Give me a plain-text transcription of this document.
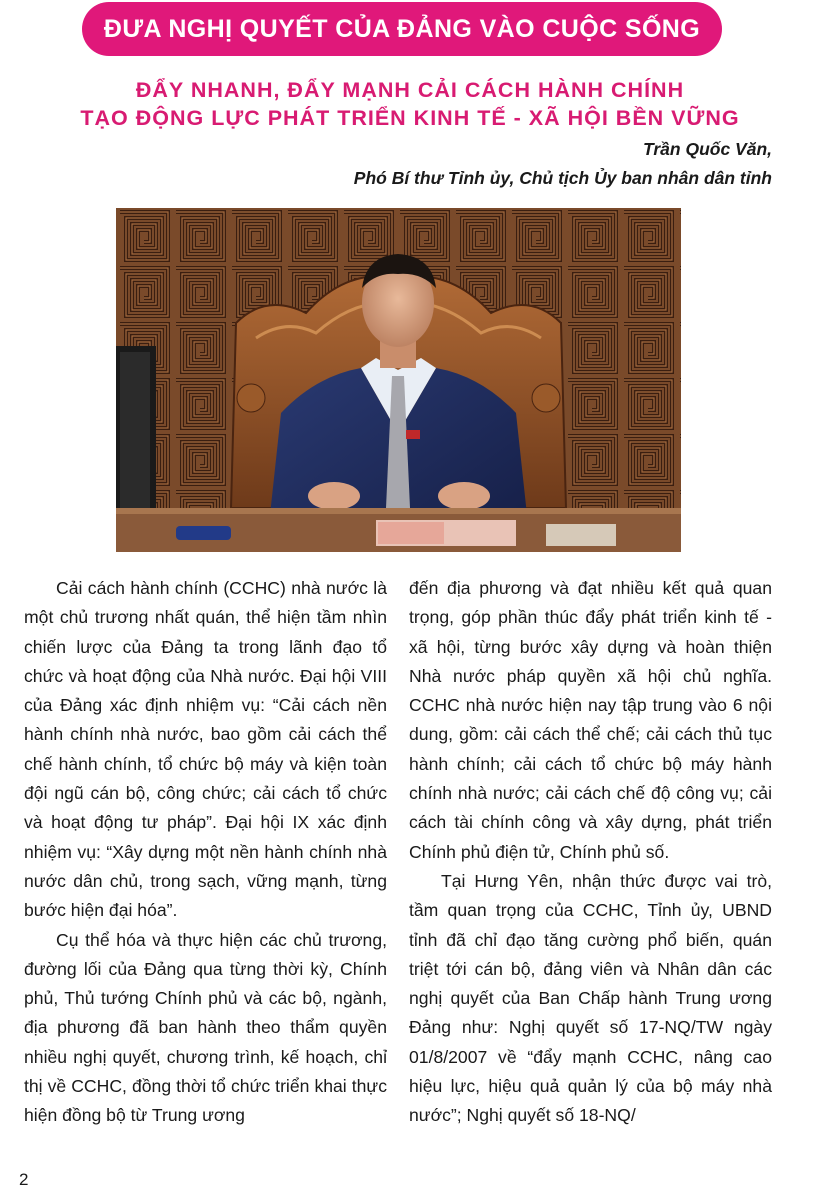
ĐƯA NGHỊ QUYẾT CỦA ĐẢNG VÀO CUỘC SỐNG
ĐẨY NHANH, ĐẨY MẠNH CẢI CÁCH HÀNH CHÍNH
TẠO ĐỘNG LỰC PHÁT TRIỂN KINH TẾ - XÃ HỘI BỀN VỮNG
Trần Quốc Văn,
Phó Bí thư Tỉnh ủy, Chủ tịch Ủy ban nhân dân tỉnh

Cải cách hành chính (CCHC) nhà nước là một chủ trương nhất quán, thể hiện tầm nhìn chiến lược của Đảng ta trong lãnh đạo tổ chức và hoạt động của Nhà nước. Đại hội VIII của Đảng xác định nhiệm vụ: “Cải cách nền hành chính nhà nước, bao gồm cải cách thể chế hành chính, tổ chức bộ máy và kiện toàn đội ngũ cán bộ, công chức; cải cách tổ chức và hoạt động tư pháp”. Đại hội IX xác định nhiệm vụ: “Xây dựng một nền hành chính nhà nước dân chủ, trong sạch, vững mạnh, từng bước hiện đại hóa”.

Cụ thể hóa và thực hiện các chủ trương, đường lối của Đảng qua từng thời kỳ, Chính phủ, Thủ tướng Chính phủ và các bộ, ngành, địa phương đã ban hành theo thẩm quyền nhiều nghị quyết, chương trình, kế hoạch, chỉ thị về CCHC, đồng thời tổ chức triển khai thực hiện đồng bộ từ Trung ương

đến địa phương và đạt nhiều kết quả quan trọng, góp phần thúc đẩy phát triển kinh tế - xã hội, từng bước xây dựng và hoàn thiện Nhà nước pháp quyền xã hội chủ nghĩa. CCHC nhà nước hiện nay tập trung vào 6 nội dung, gồm: cải cách thể chế; cải cách thủ tục hành chính; cải cách tổ chức bộ máy hành chính nhà nước; cải cách chế độ công vụ; cải cách tài chính công và xây dựng, phát triển Chính phủ điện tử, Chính phủ số.

Tại Hưng Yên, nhận thức được vai trò, tầm quan trọng của CCHC, Tỉnh ủy, UBND tỉnh đã chỉ đạo tăng cường phổ biến, quán triệt tới cán bộ, đảng viên và Nhân dân các nghị quyết của Ban Chấp hành Trung ương Đảng như: Nghị quyết số 17-NQ/TW ngày 01/8/2007 về “đẩy mạnh CCHC, nâng cao hiệu lực, hiệu quả quản lý của bộ máy nhà nước”; Nghị quyết số 18-NQ/

2
